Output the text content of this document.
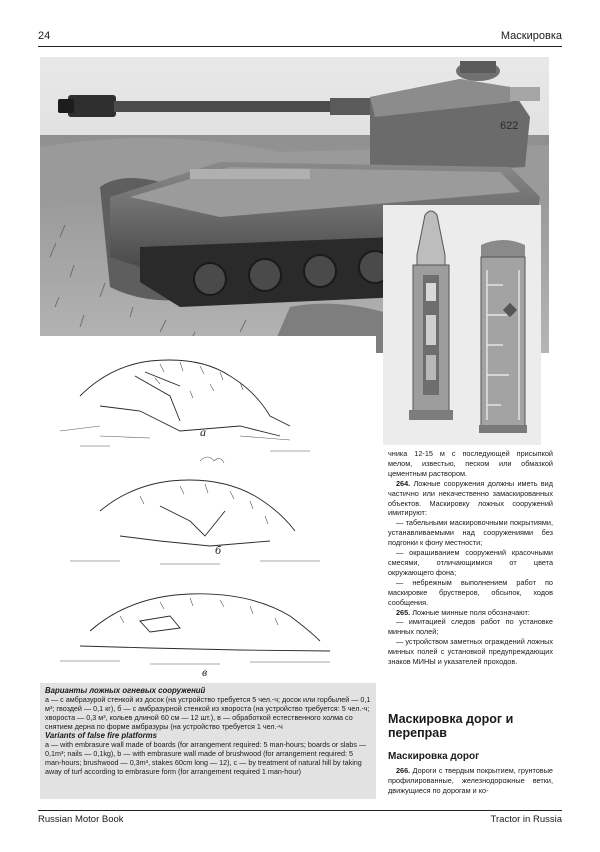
24	Маскировка
622
а
б
в
Варианты ложных огневых сооружений
а — с амбразурой стенкой из досок (на устройство требуется 5 чел.-ч; досок или горбылей — 0,1 м³; гвоздей — 0,1 кг), б — с амбразурной стенкой из хвороста (на устройство требуется: 5 чел.-ч; хвороста — 0,3 м³, кольев длиной 60 см — 12 шт.), в — обработкой естественного холма со снятием дерна по форме амбразуры (на устройство требуется 1 чел.-ч
Variants of false fire platforms
a — with embrasure wall made of boards (for arrangement required: 5 man-hours; boards or slabs — 0,1m³; nails — 0,1kg), b — with embrasure wall made of brushwood (for arrangement required: 5 man-hours; brushwood — 0,3m³, stakes 60cm long — 12), c — by treatment of natural hill by taking away of turf according to embrasure form (for arrangement required 1 man-hour)

чника 12-15 м с последующей присыпкой мелом, известью, песком или обмазкой цементным раствором.

264. Ложные сооружения должны иметь вид частично или некачественно замаскированных объектов. Маскировку ложных сооружений имитируют:

— табельными маскировочными покрытиями, устанавливаемыми над сооружениями без подгонки к фону местности;

— окрашиванием сооружений красочными смесями, отличающимися от цвета окружающего фона;

— небрежным выполнением работ по маскировке брустверов, обсыпок, ходов сообщения.

265. Ложные минные поля обозначают:

— имитацией следов работ по установке минных полей;

— устройством заметных ограждений ложных минных полей с установкой предупреждающих знаков МИНЫ и указателей проходов.

Маскировка дорог и переправ
Маскировка дорог

266. Дороги с твердым покрытием, грунтовые профилированные, железнодорожные ветки, движущиеся по дорогам и ко-

Russian Motor Book	Tractor in Russia
